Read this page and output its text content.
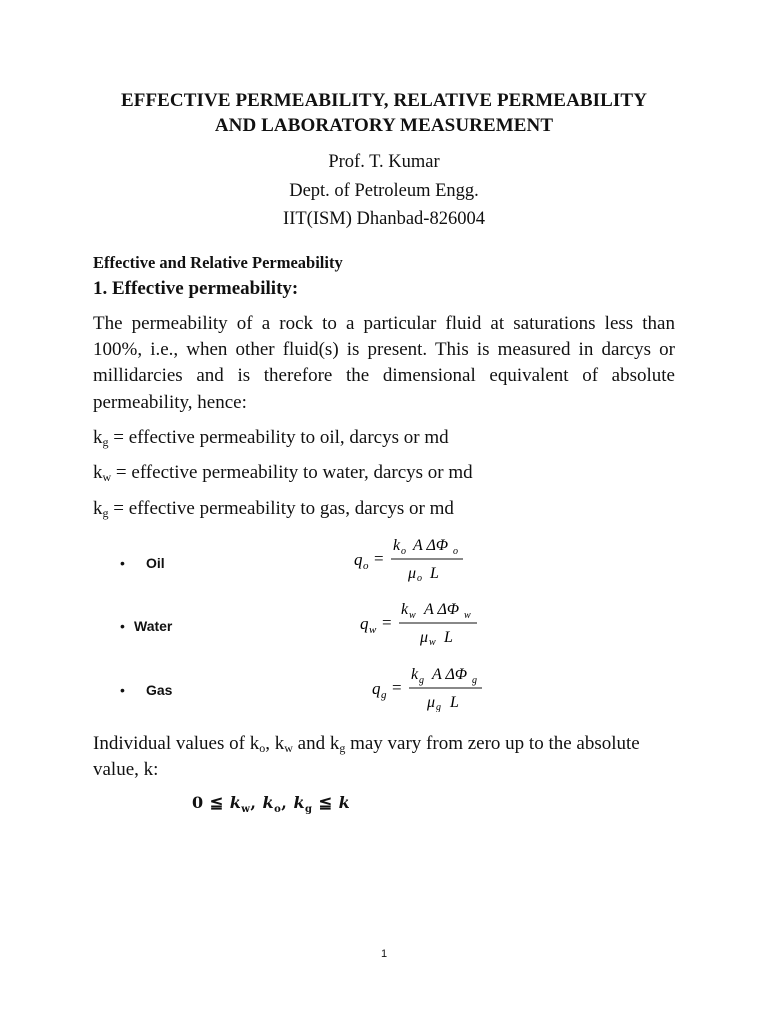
EFFECTIVE PERMEABILITY, RELATIVE PERMEABILITY
AND LABORATORY MEASUREMENT
Prof. T. Kumar
Dept. of Petroleum Engg.
IIT(ISM) Dhanbad-826004
Effective and Relative Permeability
1. Effective permeability:
The permeability of a rock to a particular fluid at saturations less than 100%, i.e., when other fluid(s) is present. This is measured in darcys or millidarcies and is therefore the dimensional equivalent of absolute permeability, hence:
$k_g$ = effective permeability to oil, darcys or md
$k_w$ = effective permeability to water, darcys or md
$k_g$ = effective permeability to gas, darcys or md
• Oil
• Water
• Gas
q o =
k o A ΔΦ o
μ o L
q w =
k w A ΔΦ w
μ w L
q g =
k g A ΔΦ g
μ g L
Individual values of $k_o$, $k_w$ and $k_g$ may vary from zero up to the absolute value, k:
0 ≦ $k_w$, $k_o$, $k_g$ ≦ k
1
